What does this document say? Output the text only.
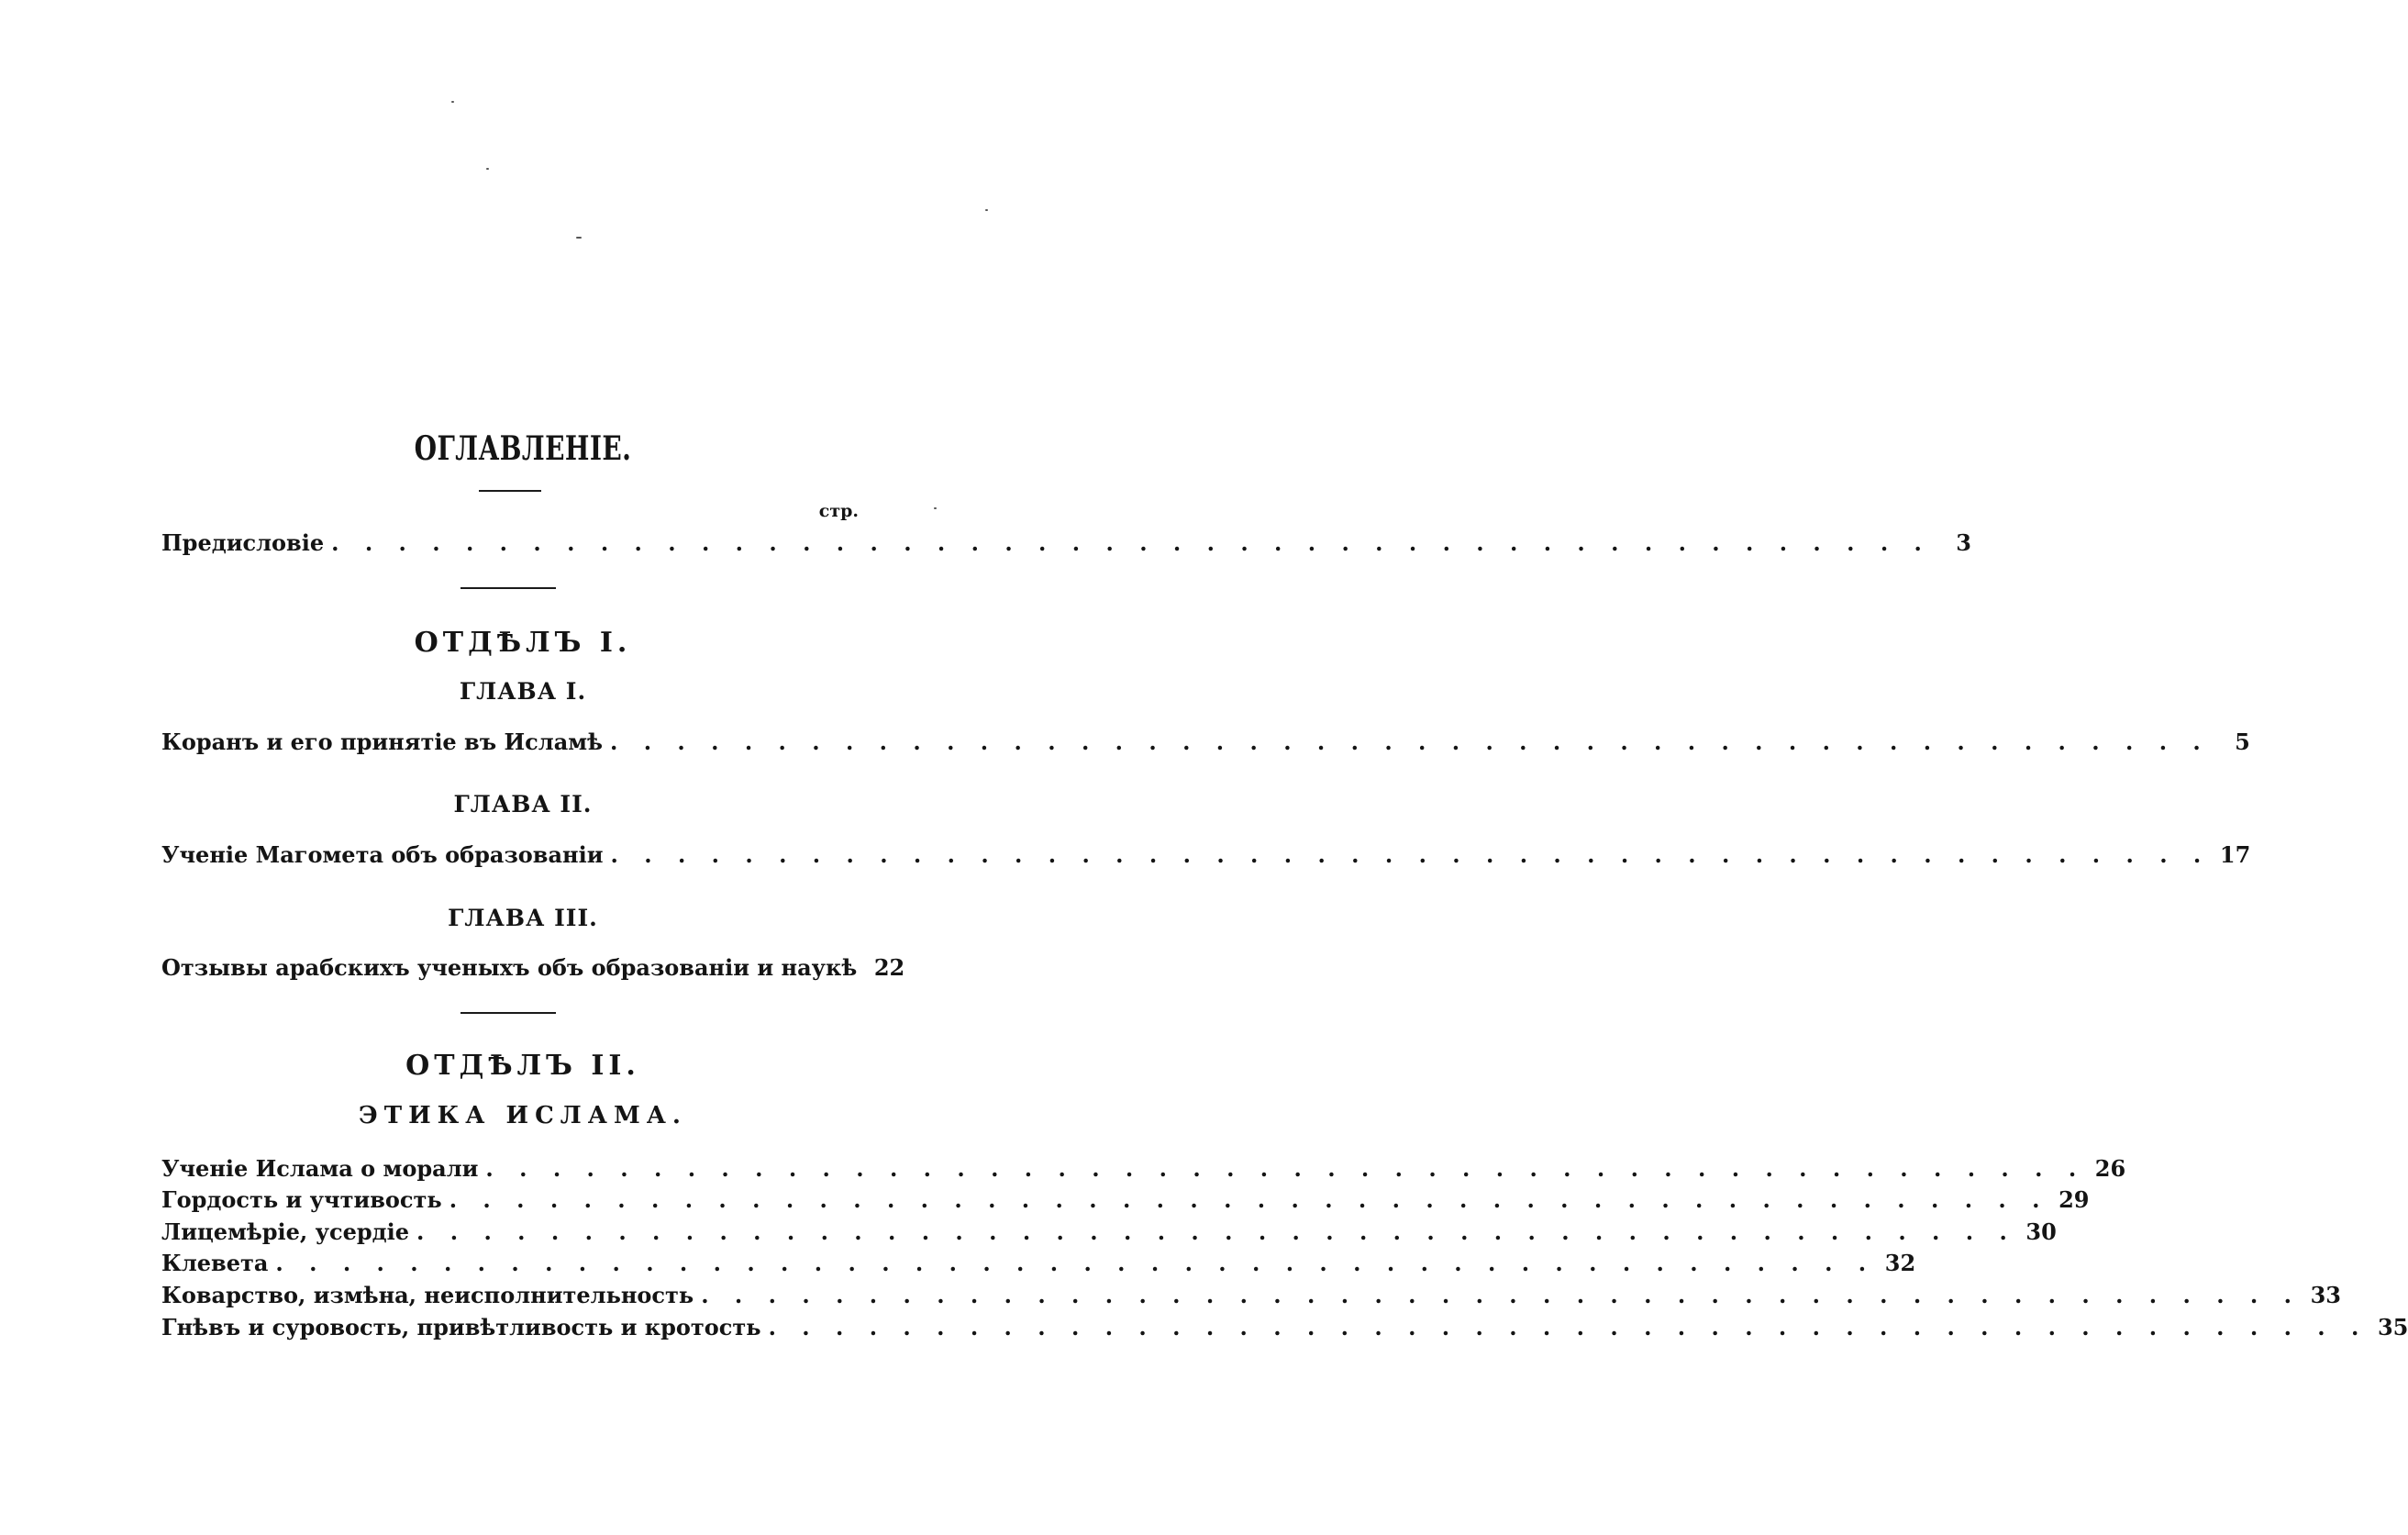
ОГЛАВЛЕНІЕ.
стр.
Предисловіе . . . . . . . . . . . . . . . . . . . . . . . . . . . . . . . . . . . . . . . . . . . . . . . .	3
ОТДѢЛЪ I.
ГЛАВА I.
Коранъ и его принятіе въ Исламѣ . . . . . . . . . . . . . . . . . . . . . . . . . . . . . . . . . . . . . . . . . . . . . . . .	5
ГЛАВА II.
Ученіе Магомета объ образованіи . . . . . . . . . . . . . . . . . . . . . . . . . . . . . . . . . . . . . . . . . . . . . . . . 17
ГЛАВА III.
Отзывы арабскихъ ученыхъ объ образованіи и наукѣ 22
ОТДѢЛЪ II.
ЭТИКА ИСЛАМА.
Ученіе Ислама о морали . . . . . . . . . . . . . . . . . . . . . . . . . . . . . . . . . . . . . . . . . . . . . . . . 26
Гордость и учтивость . . . . . . . . . . . . . . . . . . . . . . . . . . . . . . . . . . . . . . . . . . . . . . . . 29
Лицемѣріе, усердіе . . . . . . . . . . . . . . . . . . . . . . . . . . . . . . . . . . . . . . . . . . . . . . . . 30
Клевета . . . . . . . . . . . . . . . . . . . . . . . . . . . . . . . . . . . . . . . . . . . . . . . . 32
Коварство, измѣна, неисполнительность . . . . . . . . . . . . . . . . . . . . . . . . . . . . . . . . . . . . . . . . . . . . . . . . 33
Гнѣвъ и суровость, привѣтливость и кротость . . . . . . . . . . . . . . . . . . . . . . . . . . . . . . . . . . . . . . . . . . . . . . . . 35
